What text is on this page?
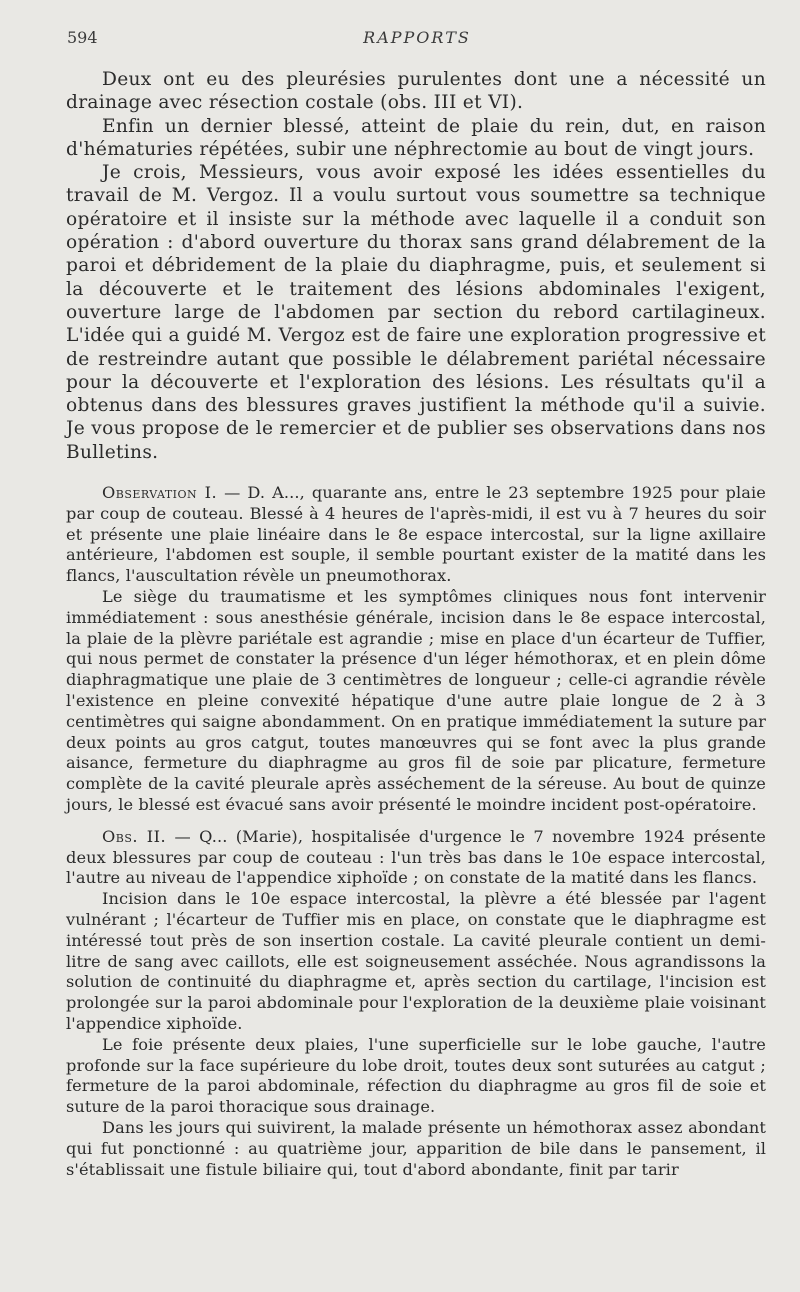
594	RAPPORTS

Deux ont eu des pleurésies purulentes dont une a nécessité un drainage avec résection costale (obs. III et VI).

Enfin un dernier blessé, atteint de plaie du rein, dut, en raison d'hématuries répétées, subir une néphrectomie au bout de vingt jours.

Je crois, Messieurs, vous avoir exposé les idées essentielles du travail de M. Vergoz. Il a voulu surtout vous soumettre sa technique opératoire et il insiste sur la méthode avec laquelle il a conduit son opération : d'abord ouverture du thorax sans grand délabrement de la paroi et débridement de la plaie du diaphragme, puis, et seulement si la découverte et le traitement des lésions abdominales l'exigent, ouverture large de l'abdomen par section du rebord cartilagineux. L'idée qui a guidé M. Vergoz est de faire une exploration progressive et de restreindre autant que possible le délabrement pariétal nécessaire pour la découverte et l'exploration des lésions. Les résultats qu'il a obtenus dans des blessures graves justifient la méthode qu'il a suivie. Je vous propose de le remercier et de publier ses observations dans nos Bulletins.

Observation I. — D. A..., quarante ans, entre le 23 septembre 1925 pour plaie par coup de couteau. Blessé à 4 heures de l'après-midi, il est vu à 7 heures du soir et présente une plaie linéaire dans le 8e espace intercostal, sur la ligne axillaire antérieure, l'abdomen est souple, il semble pourtant exister de la matité dans les flancs, l'auscultation révèle un pneumothorax.

Le siège du traumatisme et les symptômes cliniques nous font intervenir immédiatement : sous anesthésie générale, incision dans le 8e espace intercostal, la plaie de la plèvre pariétale est agrandie ; mise en place d'un écarteur de Tuffier, qui nous permet de constater la présence d'un léger hémothorax, et en plein dôme diaphragmatique une plaie de 3 centimètres de longueur ; celle-ci agrandie révèle l'existence en pleine convexité hépatique d'une autre plaie longue de 2 à 3 centimètres qui saigne abondamment. On en pratique immédiatement la suture par deux points au gros catgut, toutes manœuvres qui se font avec la plus grande aisance, fermeture du diaphragme au gros fil de soie par plicature, fermeture complète de la cavité pleurale après asséchement de la séreuse. Au bout de quinze jours, le blessé est évacué sans avoir présenté le moindre incident post-opératoire.

Obs. II. — Q... (Marie), hospitalisée d'urgence le 7 novembre 1924 présente deux blessures par coup de couteau : l'un très bas dans le 10e espace intercostal, l'autre au niveau de l'appendice xiphoïde ; on constate de la matité dans les flancs.

Incision dans le 10e espace intercostal, la plèvre a été blessée par l'agent vulnérant ; l'écarteur de Tuffier mis en place, on constate que le diaphragme est intéressé tout près de son insertion costale. La cavité pleurale contient un demi-litre de sang avec caillots, elle est soigneusement asséchée. Nous agrandissons la solution de continuité du diaphragme et, après section du cartilage, l'incision est prolongée sur la paroi abdominale pour l'exploration de la deuxième plaie voisinant l'appendice xiphoïde.

Le foie présente deux plaies, l'une superficielle sur le lobe gauche, l'autre profonde sur la face supérieure du lobe droit, toutes deux sont suturées au catgut ; fermeture de la paroi abdominale, réfection du diaphragme au gros fil de soie et suture de la paroi thoracique sous drainage.

Dans les jours qui suivirent, la malade présente un hémothorax assez abondant qui fut ponctionné : au quatrième jour, apparition de bile dans le pansement, il s'établissait une fistule biliaire qui, tout d'abord abondante, finit par tarir
